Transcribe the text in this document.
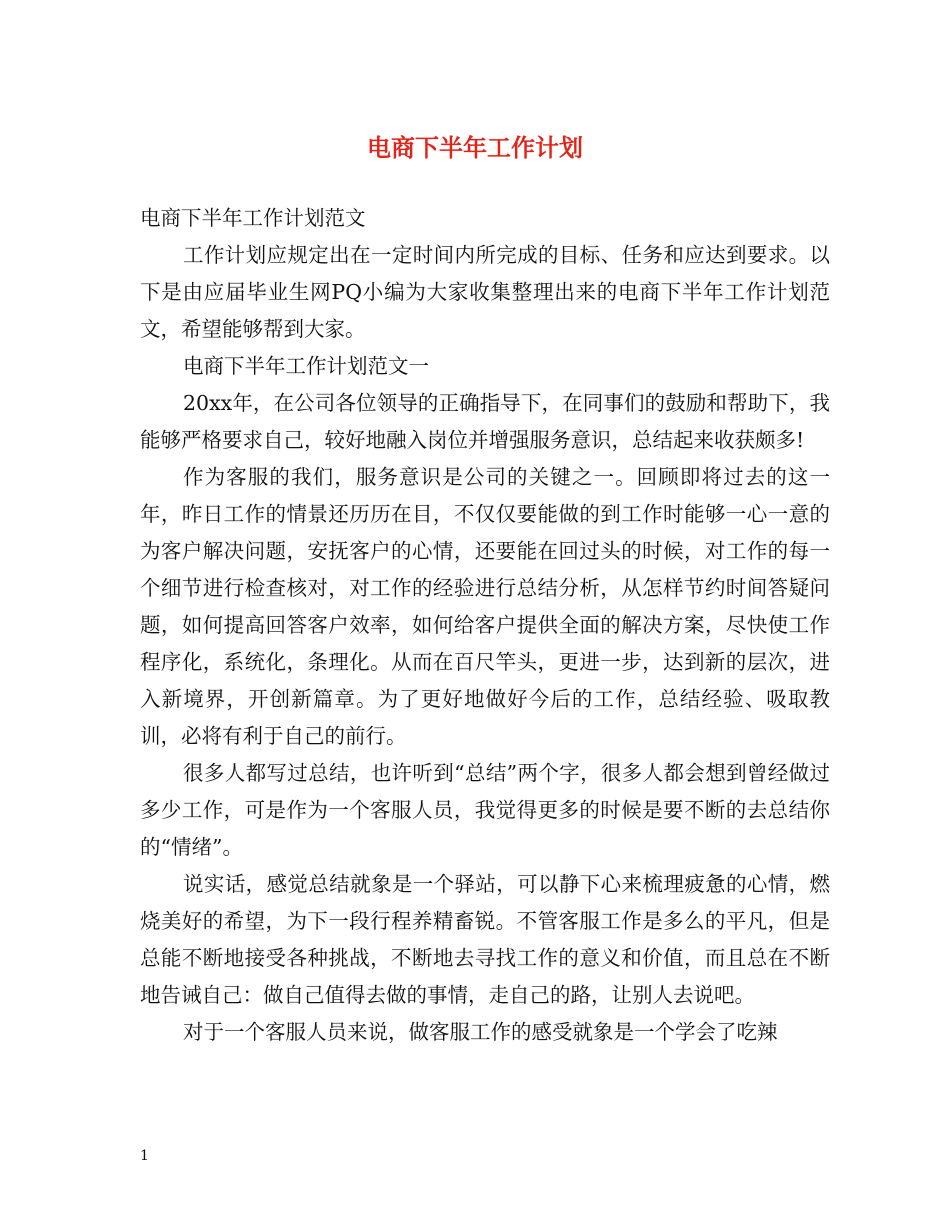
电商下半年工作计划

电商下半年工作计划范文

工作计划应规定出在一定时间内所完成的目标、任务和应达到要求。以下是由应届毕业生网PQ小编为大家收集整理出来的电商下半年工作计划范文，希望能够帮到大家。

电商下半年工作计划范文一

20xx年，在公司各位领导的正确指导下，在同事们的鼓励和帮助下，我能够严格要求自己，较好地融入岗位并增强服务意识，总结起来收获颇多!

作为客服的我们，服务意识是公司的关键之一。回顾即将过去的这一年，昨日工作的情景还历历在目，不仅仅要能做的到工作时能够一心一意的为客户解决问题，安抚客户的心情，还要能在回过头的时候，对工作的每一个细节进行检查核对，对工作的经验进行总结分析，从怎样节约时间答疑问题，如何提高回答客户效率，如何给客户提供全面的解决方案，尽快使工作程序化，系统化，条理化。从而在百尺竿头，更进一步，达到新的层次，进入新境界，开创新篇章。为了更好地做好今后的工作，总结经验、吸取教训，必将有利于自己的前行。

很多人都写过总结，也许听到“总结”两个字，很多人都会想到曾经做过多少工作，可是作为一个客服人员，我觉得更多的时候是要不断的去总结你的“情绪”。

说实话，感觉总结就象是一个驿站，可以静下心来梳理疲惫的心情，燃烧美好的希望，为下一段行程养精畜锐。不管客服工作是多么的平凡，但是总能不断地接受各种挑战，不断地去寻找工作的意义和价值，而且总在不断地告诫自己：做自己值得去做的事情，走自己的路，让别人去说吧。

对于一个客服人员来说，做客服工作的感受就象是一个学会了吃辣

1
